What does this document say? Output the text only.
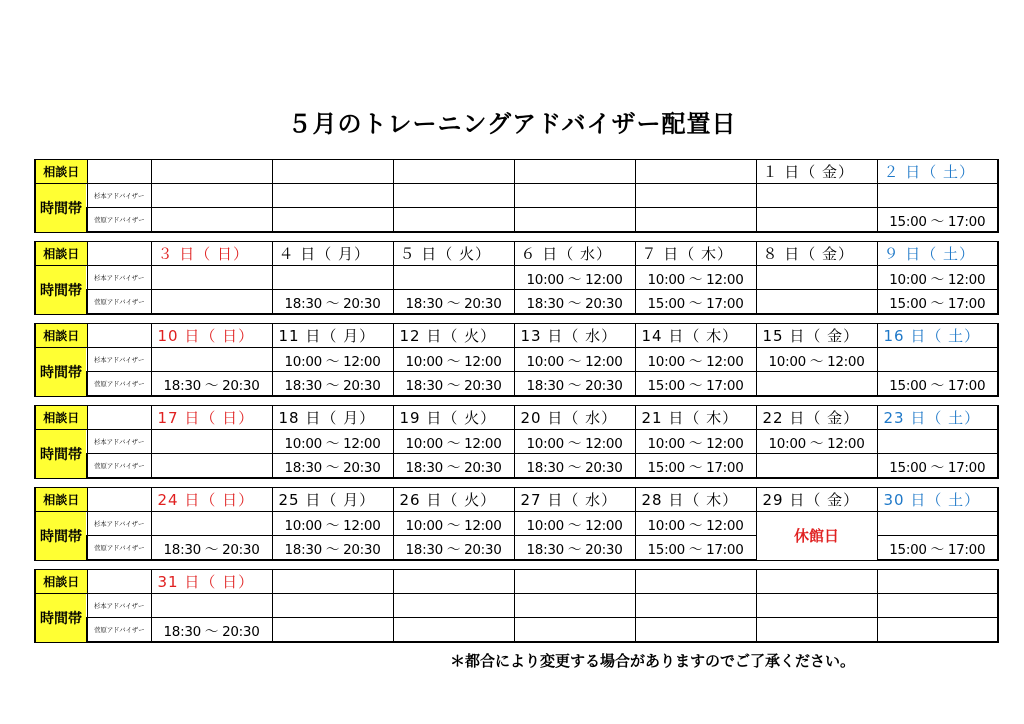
５月のトレーニングアドバイザー配置日
相談日							１ 日（ 金）	２ 日（ 土）
時間帯	杉本アドバイザー							
	菅原アドバイザー							15:00 ～ 17:00
相談日		３ 日（ 日）	４ 日（ 月）	５ 日（ 火）	６ 日（ 水）	７ 日（ 木）	８ 日（ 金）	９ 日（ 土）
時間帯	杉本アドバイザー				10:00 ～ 12:00	10:00 ～ 12:00		10:00 ～ 12:00
	菅原アドバイザー		18:30 ～ 20:30	18:30 ～ 20:30	18:30 ～ 20:30	15:00 ～ 17:00		15:00 ～ 17:00
相談日		10 日（ 日）	11 日（ 月）	12 日（ 火）	13 日（ 水）	14 日（ 木）	15 日（ 金）	16 日（ 土）
時間帯	杉本アドバイザー		10:00 ～ 12:00	10:00 ～ 12:00	10:00 ～ 12:00	10:00 ～ 12:00	10:00 ～ 12:00	
	菅原アドバイザー	18:30 ～ 20:30	18:30 ～ 20:30	18:30 ～ 20:30	18:30 ～ 20:30	15:00 ～ 17:00		15:00 ～ 17:00
相談日		17 日（ 日）	18 日（ 月）	19 日（ 火）	20 日（ 水）	21 日（ 木）	22 日（ 金）	23 日（ 土）
時間帯	杉本アドバイザー		10:00 ～ 12:00	10:00 ～ 12:00	10:00 ～ 12:00	10:00 ～ 12:00	10:00 ～ 12:00	
	菅原アドバイザー		18:30 ～ 20:30	18:30 ～ 20:30	18:30 ～ 20:30	15:00 ～ 17:00		15:00 ～ 17:00
相談日		24 日（ 日）	25 日（ 月）	26 日（ 火）	27 日（ 水）	28 日（ 木）	29 日（ 金）	30 日（ 土）
時間帯	杉本アドバイザー		10:00 ～ 12:00	10:00 ～ 12:00	10:00 ～ 12:00	10:00 ～ 12:00	休館日	
	菅原アドバイザー	18:30 ～ 20:30	18:30 ～ 20:30	18:30 ～ 20:30	18:30 ～ 20:30	15:00 ～ 17:00		15:00 ～ 17:00
相談日		31 日（ 日）						
時間帯	杉本アドバイザー							
	菅原アドバイザー	18:30 ～ 20:30						
＊都合により変更する場合がありますのでご了承ください。
